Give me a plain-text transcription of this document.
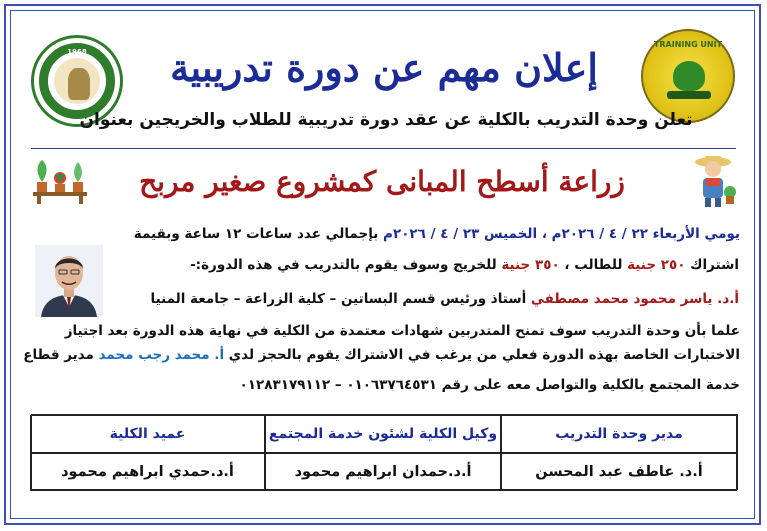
1968
TRAINING UNIT
إعلان مهم عن دورة تدريبية
تعلن وحدة التدريب بالكلية عن عقد دورة تدريبية للطلاب والخريجين بعنوان
زراعة أسطح المبانى كمشروع صغير مربح
يومي الأربعاء ٢٢ / ٤ / ٢٠٢٦م ، الخميس ٢٣ / ٤ / ٢٠٢٦م بإجمالي عدد ساعات ١٢ ساعة وبقيمة
اشتراك ٢٥٠ جنية للطالب ، ٣٥٠ جنية للخريج وسوف يقوم بالتدريب في هذه الدورة:-
أ.د. ياسر محمود محمد مصطفي أستاذ ورئيس قسم البساتين – كلية الزراعة – جامعة المنيا
علما بأن وحدة التدريب سوف تمنح المتدربين شهادات معتمدة من الكلية في نهاية هذه الدورة بعد اجتياز
الاختبارات الخاصة بهذه الدورة فعلي من يرغب في الاشتراك يقوم بالحجز لدي أ. محمد رجب محمد مدير قطاع
خدمة المجتمع بالكلية والتواصل معه على رقم ٠١٠٦٣٧٦٤٥٣١ – ٠١٢٨٣١٧٩١١٢
مدير وحدة التدريب
وكيل الكلية لشئون خدمة المجتمع
عميد الكلية
أ.د. عاطف عبد المحسن
أ.د.حمدان ابراهيم محمود
أ.د.حمدي ابراهيم محمود
